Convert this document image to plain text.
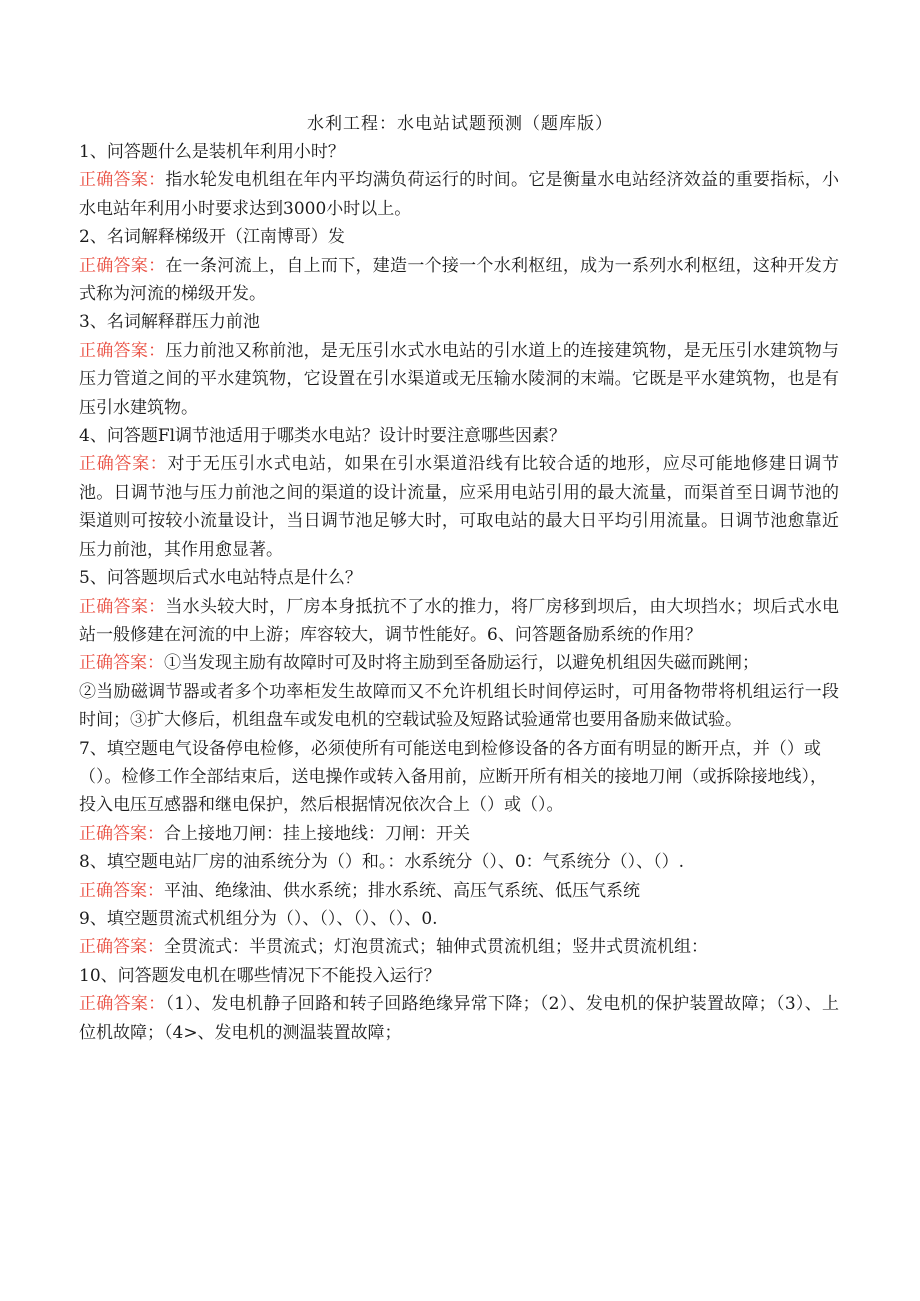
水利工程：水电站试题预测（题库版）

1、问答题什么是装机年利用小时？

正确答案：指水轮发电机组在年内平均满负荷运行的时间。它是衡量水电站经济效益的重要指标，小水电站年利用小时要求达到3000小时以上。

2、名词解释梯级开（江南博哥）发

正确答案：在一条河流上，自上而下，建造一个接一个水利枢纽，成为一系列水利枢纽，这种开发方式称为河流的梯级开发。

3、名词解释群压力前池

正确答案：压力前池又称前池，是无压引水式水电站的引水道上的连接建筑物，是无压引水建筑物与压力管道之间的平水建筑物，它设置在引水渠道或无压输水陵洞的末端。它既是平水建筑物，也是有压引水建筑物。

4、问答题Fl调节池适用于哪类水电站？设计时要注意哪些因素？

正确答案：对于无压引水式电站，如果在引水渠道沿线有比较合适的地形，应尽可能地修建日调节池。日调节池与压力前池之间的渠道的设计流量，应采用电站引用的最大流量，而渠首至日调节池的渠道则可按较小流量设计，当日调节池足够大时，可取电站的最大日平均引用流量。日调节池愈靠近压力前池，其作用愈显著。

5、问答题坝后式水电站特点是什么？

正确答案：当水头较大时，厂房本身抵抗不了水的推力，将厂房移到坝后，由大坝挡水；坝后式水电站一般修建在河流的中上游；库容较大，调节性能好。6、问答题备励系统的作用？

正确答案：①当发现主励有故障时可及时将主励到至备励运行，以避免机组因失磁而跳闸；

②当励磁调节器或者多个功率柜发生故障而又不允许机组长时间停运时，可用备物带将机组运行一段时间；③扩大修后，机组盘车或发电机的空载试验及短路试验通常也要用备励来做试验。

7、填空题电气设备停电检修，必须使所有可能送电到检修设备的各方面有明显的断开点，并（）或（）。检修工作全部结束后，送电操作或转入备用前，应断开所有相关的接地刀闸（或拆除接地线），投入电压互感器和继电保护，然后根据情况依次合上（）或（）。

正确答案：合上接地刀闸：挂上接地线：刀闸：开关

8、填空题电站厂房的油系统分为（）和。：水系统分（）、0：气系统分（）、（）.

正确答案：平油、绝缘油、供水系统；排水系统、高压气系统、低压气系统

9、填空题贯流式机组分为（）、（）、（）、（）、0.

正确答案：全贯流式：半贯流式；灯泡贯流式；轴伸式贯流机组；竖井式贯流机组：

10、问答题发电机在哪些情况下不能投入运行？

正确答案：（1）、发电机静子回路和转子回路绝缘异常下降；（2）、发电机的保护装置故障；（3）、上位机故障；（4>、发电机的测温装置故障；
